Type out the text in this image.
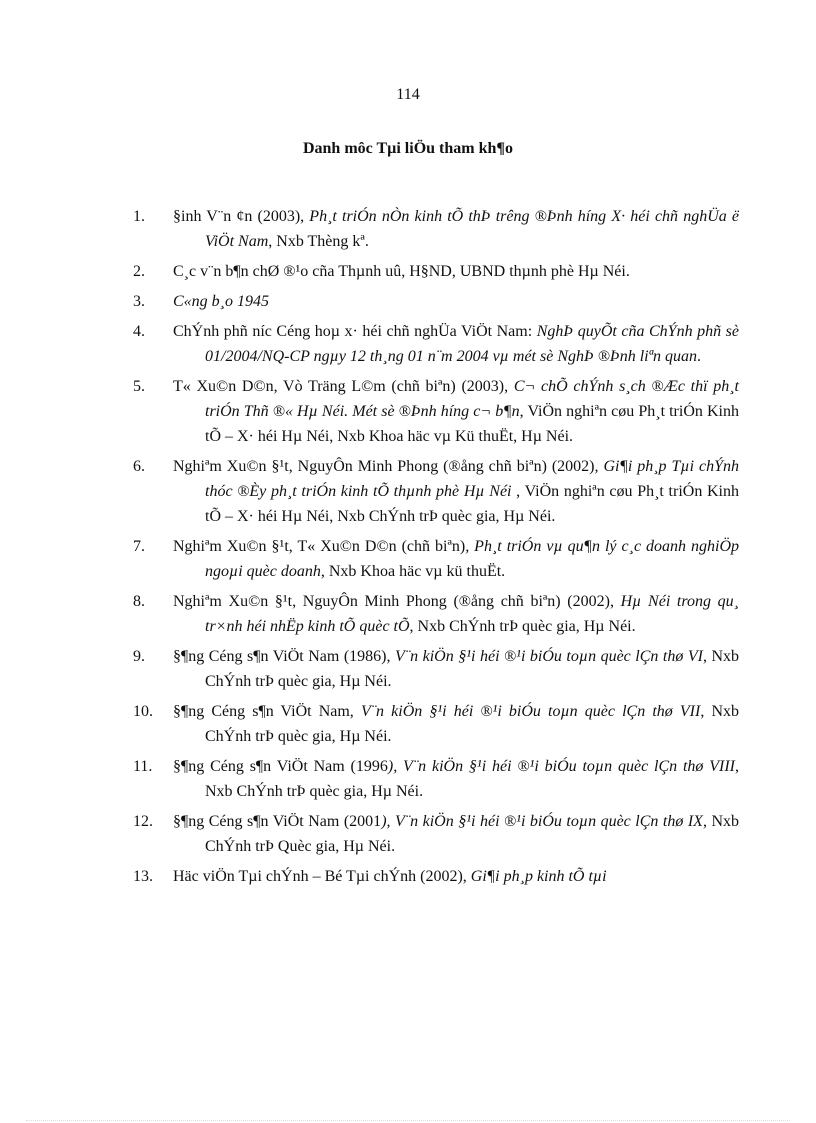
114
Danh môc Tµi liÖu tham kh¶o
1.	§inh V¨n ¢n (2003), Ph¸t triÓn nÒn kinh tÕ thÞ trêng ®Þnh híng X· héi chñ nghÜa ë ViÖt Nam, Nxb Thèng kª.
2.	C¸c v¨n b¶n chØ ®¹o cña Thµnh uû, H§ND, UBND thµnh phè Hµ Néi.
3.	C«ng b¸o 1945
4.	ChÝnh phñ níc Céng hoµ x· héi chñ nghÜa ViÖt Nam: NghÞ quyÕt cña ChÝnh phñ sè 01/2004/NQ-CP ngµy 12 th¸ng 01 n¨m 2004 vµ mét sè NghÞ ®Þnh liªn quan.
5.	T« Xu©n D©n, Vò Träng L©m (chñ biªn) (2003), C¬ chÕ chÝnh s¸ch ®Æc thï ph¸t triÓn Thñ ®« Hµ Néi. Mét sè ®Þnh híng c¬ b¶n, ViÖn nghiªn cøu Ph¸t triÓn Kinh tÕ – X· héi Hµ Néi, Nxb Khoa häc vµ Kü thuËt, Hµ Néi.
6.	Nghiªm Xu©n §¹t, NguyÔn Minh Phong (®ång chñ biªn) (2002), Gi¶i ph¸p Tµi chÝnh thóc ®Èy ph¸t triÓn kinh tÕ thµnh phè Hµ Néi , ViÖn nghiªn cøu Ph¸t triÓn Kinh tÕ – X· héi Hµ Néi, Nxb ChÝnh trÞ quèc gia, Hµ Néi.
7.	Nghiªm Xu©n §¹t, T« Xu©n D©n (chñ biªn), Ph¸t triÓn vµ qu¶n lý c¸c doanh nghiÖp ngoµi quèc doanh, Nxb Khoa häc vµ kü thuËt.
8.	Nghiªm Xu©n §¹t, NguyÔn Minh Phong (®ång chñ biªn) (2002), Hµ Néi trong qu¸ tr×nh héi nhËp kinh tÕ quèc tÕ, Nxb ChÝnh trÞ quèc gia, Hµ Néi.
9.	§¶ng Céng s¶n ViÖt Nam (1986), V¨n kiÖn §¹i héi ®¹i biÓu toµn quèc lÇn thø VI, Nxb ChÝnh trÞ quèc gia, Hµ Néi.
10.	§¶ng Céng s¶n ViÖt Nam, V¨n kiÖn §¹i héi ®¹i biÓu toµn quèc lÇn thø VII, Nxb ChÝnh trÞ quèc gia, Hµ Néi.
11.	§¶ng Céng s¶n ViÖt Nam (1996), V¨n kiÖn §¹i héi ®¹i biÓu toµn quèc lÇn thø VIII, Nxb ChÝnh trÞ quèc gia, Hµ Néi.
12.	§¶ng Céng s¶n ViÖt Nam (2001), V¨n kiÖn §¹i héi ®¹i biÓu toµn quèc lÇn thø IX, Nxb ChÝnh trÞ Quèc gia, Hµ Néi.
13.	Häc viÖn Tµi chÝnh – Bé Tµi chÝnh (2002), Gi¶i ph¸p kinh tÕ tµi
